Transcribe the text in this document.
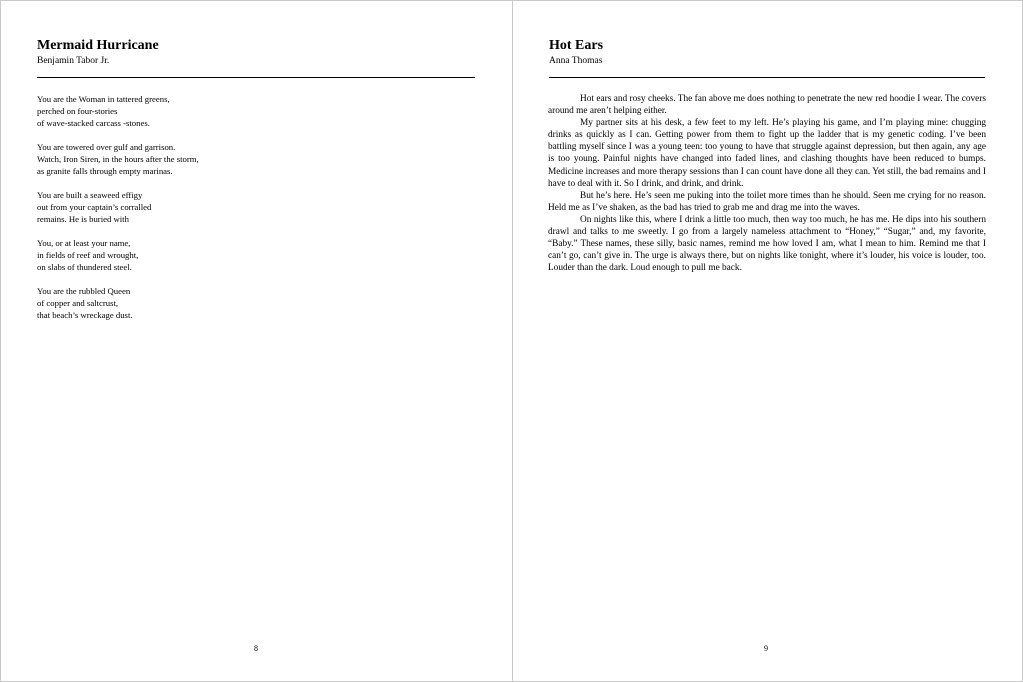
Mermaid Hurricane
Benjamin Tabor Jr.
You are the Woman in tattered greens,
perched on four-stories
of wave-stacked carcass -stones.
You are towered over gulf and garrison.
Watch, Iron Siren, in the hours after the storm,
as granite falls through empty marinas.
You are built a seaweed effigy
out from your captain’s corralled
remains. He is buried with
You, or at least your name,
in fields of reef and wrought,
on slabs of thundered steel.
You are the rubbled Queen
of copper and saltcrust,
that beach’s wreckage dust.
8
Hot Ears
Anna Thomas

Hot ears and rosy cheeks. The fan above me does nothing to penetrate the new red hoodie I wear. The covers around me aren’t helping either.

My partner sits at his desk, a few feet to my left. He’s playing his game, and I’m playing mine: chugging drinks as quickly as I can. Getting power from them to fight up the ladder that is my genetic coding. I’ve been battling myself since I was a young teen: too young to have that struggle against depression, but then again, any age is too young. Painful nights have changed into faded lines, and clashing thoughts have been reduced to bumps. Medicine increases and more therapy sessions than I can count have done all they can. Yet still, the bad remains and I have to deal with it. So I drink, and drink, and drink.

But he’s here. He’s seen me puking into the toilet more times than he should. Seen me crying for no reason. Held me as I’ve shaken, as the bad has tried to grab me and drag me into the waves.

On nights like this, where I drink a little too much, then way too much, he has me. He dips into his southern drawl and talks to me sweetly. I go from a largely nameless attachment to “Honey,” “Sugar,” and, my favorite, “Baby.” These names, these silly, basic names, remind me how loved I am, what I mean to him. Remind me that I can’t go, can’t give in. The urge is always there, but on nights like tonight, where it’s louder, his voice is louder, too. Louder than the dark. Loud enough to pull me back.

9
